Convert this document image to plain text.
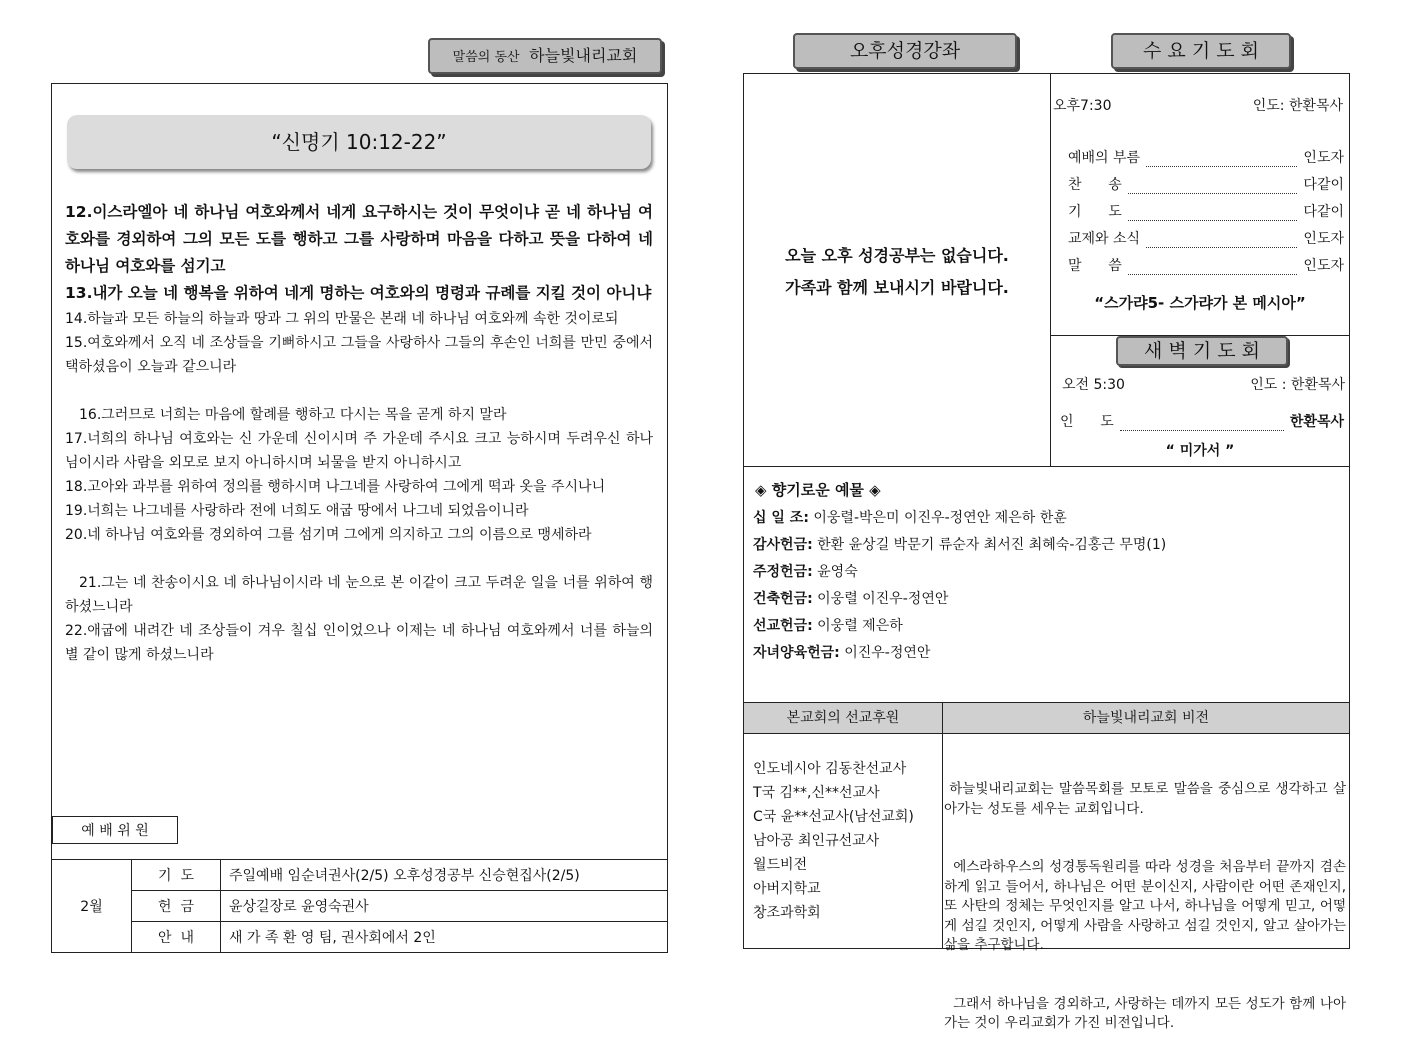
말씀의 동산 하늘빛내리교회
“신명기 10:12-22”

12.이스라엘아 네 하나님 여호와께서 네게 요구하시는 것이 무엇이냐 곧 네 하나님 여호와를 경외하여 그의 모든 도를 행하고 그를 사랑하며 마음을 다하고 뜻을 다하여 네 하나님 여호와를 섬기고

13.내가 오늘 네 행복을 위하여 네게 명하는 여호와의 명령과 규례를 지킬 것이 아니냐

14.하늘과 모든 하늘의 하늘과 땅과 그 위의 만물은 본래 네 하나님 여호와께 속한 것이로되

15.여호와께서 오직 네 조상들을 기뻐하시고 그들을 사랑하사 그들의 후손인 너희를 만민 중에서 택하셨음이 오늘과 같으니라

16.그러므로 너희는 마음에 할례를 행하고 다시는 목을 곧게 하지 말라

17.너희의 하나님 여호와는 신 가운데 신이시며 주 가운데 주시요 크고 능하시며 두려우신 하나님이시라 사람을 외모로 보지 아니하시며 뇌물을 받지 아니하시고

18.고아와 과부를 위하여 정의를 행하시며 나그네를 사랑하여 그에게 떡과 옷을 주시나니

19.너희는 나그네를 사랑하라 전에 너희도 애굽 땅에서 나그네 되었음이니라

20.네 하나님 여호와를 경외하여 그를 섬기며 그에게 의지하고 그의 이름으로 맹세하라

21.그는 네 찬송이시요 네 하나님이시라 네 눈으로 본 이같이 크고 두려운 일을 너를 위하여 행하셨느니라

22.애굽에 내려간 네 조상들이 겨우 칠십 인이었으나 이제는 네 하나님 여호와께서 너를 하늘의 별 같이 많게 하셨느니라

예 배 위 원
2월	기  도	주일예배 임순녀권사(2/5) 오후성경공부 신승현집사(2/5)
	헌  금	윤상길장로 윤영숙권사
	안  내	새 가 족 환 영 팀, 권사회에서 2인
오후성경강좌	수 요 기 도 회
오늘 오후 성경공부는 없습니다.
가족과 함께 보내시기 바랍니다.
오후7:30	인도: 한환목사
예배의 부름	인도자
찬      송	다같이
기      도	다같이
교제와 소식	인도자
말      씀	인도자
“스가랴5- 스가랴가 본 메시아”
새 벽 기 도 회
오전 5:30	인도 : 한환목사
인      도	한환목사
“ 미가서 ”
◈ 향기로운 예물 ◈
십 일 조: 이웅렬-박은미 이진우-정연안 제은하 한훈
감사헌금: 한환 윤상길 박문기 류순자 최서진 최혜숙-김홍근 무명(1)
주정헌금: 윤영숙
건축헌금: 이웅렬 이진우-정연안
선교헌금: 이웅렬 제은하
자녀양육헌금: 이진우-정연안
본교회의 선교후원	하늘빛내리교회 비전
인도네시아 김동찬선교사
T국 김**,신**선교사
C국 윤**선교사(남선교회)
남아공 최인규선교사
월드비전
아버지학교
창조과학회

하늘빛내리교회는 말씀목회를 모토로 말씀을 중심으로 생각하고 살아가는 성도를 세우는 교회입니다.

에스라하우스의 성경통독원리를 따라 성경을 처음부터 끝까지 겸손하게 읽고 들어서, 하나님은 어떤 분이신지, 사람이란 어떤 존재인지, 또 사탄의 정체는 무엇인지를 알고 나서, 하나님을 어떻게 믿고, 어떻게 섬길 것인지, 어떻게 사람을 사랑하고 섬길 것인지, 알고 살아가는 삶을 추구합니다.

그래서 하나님을 경외하고, 사랑하는 데까지 모든 성도가 함께 나아가는 것이 우리교회가 가진 비전입니다.
